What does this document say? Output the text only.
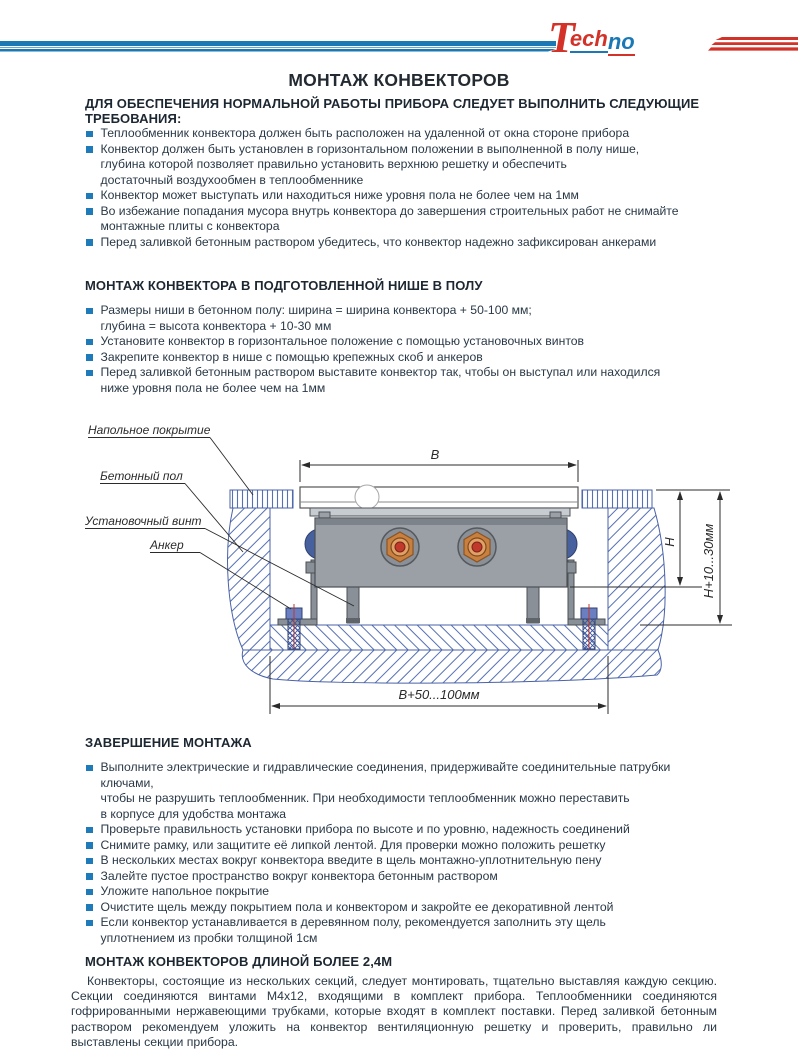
Techno
МОНТАЖ КОНВЕКТОРОВ
ДЛЯ ОБЕСПЕЧЕНИЯ НОРМАЛЬНОЙ РАБОТЫ ПРИБОРА СЛЕДУЕТ ВЫПОЛНИТЬ СЛЕДУЮЩИЕ ТРЕБОВАНИЯ:
Теплообменник конвектора должен быть расположен на удаленной от окна стороне прибора
Конвектор должен быть установлен в горизонтальном положении в выполненной в полу нише,
глубина которой позволяет правильно установить верхнюю решетку и обеспечить
достаточный воздухообмен в теплообменнике
Конвектор может выступать или находиться ниже уровня пола не более чем на 1мм
Во избежание попадания мусора внутрь конвектора до завершения строительных работ не снимайте
монтажные плиты с конвектора
Перед заливкой бетонным раствором убедитесь, что конвектор надежно зафиксирован анкерами
МОНТАЖ КОНВЕКТОРА В ПОДГОТОВЛЕННОЙ НИШЕ В ПОЛУ
Размеры ниши в бетонном полу: ширина = ширина конвектора + 50-100 мм;
глубина = высота конвектора + 10-30 мм
Установите конвектор в горизонтальное положение с помощью установочных винтов
Закрепите конвектор в нише с помощью крепежных скоб и анкеров
Перед заливкой бетонным раствором выставите конвектор так, чтобы он выступал или находился
ниже уровня пола не более чем на 1мм
B
H H+10...30мм
B+50...100мм
Напольное покрытие
Бетонный пол
Установочный винт
Анкер
ЗАВЕРШЕНИЕ МОНТАЖА
Выполните электрические и гидравлические соединения, придерживайте соединительные патрубки ключами,
чтобы не разрушить теплообменник. При необходимости теплообменник можно переставить
в корпусе для удобства монтажа
Проверьте правильность установки прибора по высоте и по уровню, надежность соединений
Снимите рамку, или защитите её липкой лентой. Для проверки можно положить решетку
В нескольких местах вокруг конвектора введите в щель монтажно-уплотнительную пену
Залейте пустое пространство вокруг конвектора бетонным раствором
Уложите напольное покрытие
Очистите щель между покрытием пола и конвектором и закройте ее декоративной лентой
Если конвектор устанавливается в деревянном полу, рекомендуется заполнить эту щель
уплотнением из пробки толщиной 1см
МОНТАЖ КОНВЕКТОРОВ ДЛИНОЙ БОЛЕЕ 2,4М
Конвекторы, состоящие из нескольких секций, следует монтировать, тщательно выставляя каждую секцию. Секции соединяются винтами М4х12, входящими в комплект прибора. Теплообменники соединяются гофрированными нержавеющими трубками, которые входят в комплект поставки. Перед заливкой бетонным раствором рекомендуем уложить на конвектор вентиляционную решетку и проверить, правильно ли выставлены секции прибора.
